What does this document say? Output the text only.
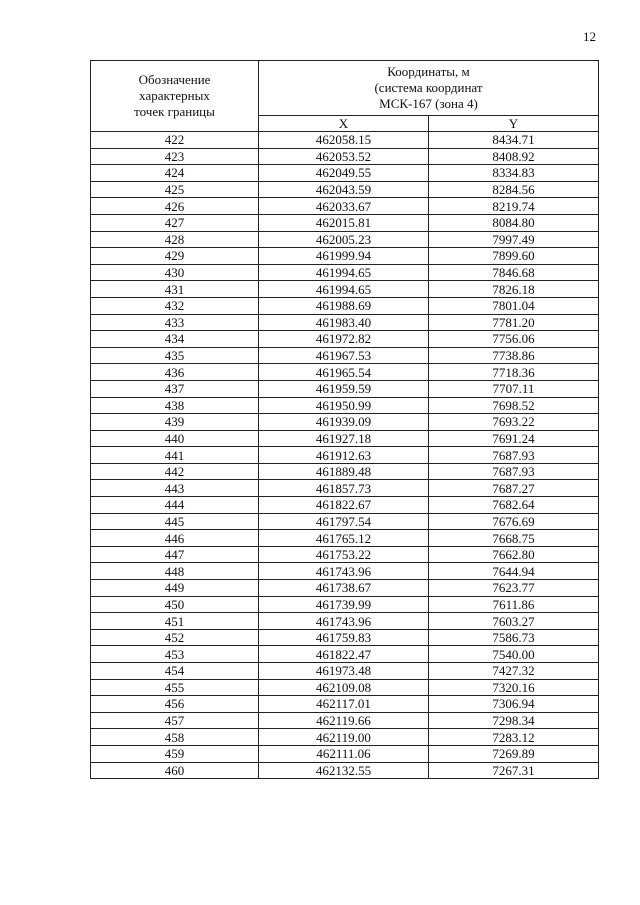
12
Обозначение
характерных
точек границы	Координаты, м
(система координат
МСК-167 (зона 4)	

	X	Y
422	462058.15	8434.71
423	462053.52	8408.92
424	462049.55	8334.83
425	462043.59	8284.56
426	462033.67	8219.74
427	462015.81	8084.80
428	462005.23	7997.49
429	461999.94	7899.60
430	461994.65	7846.68
431	461994.65	7826.18
432	461988.69	7801.04
433	461983.40	7781.20
434	461972.82	7756.06
435	461967.53	7738.86
436	461965.54	7718.36
437	461959.59	7707.11
438	461950.99	7698.52
439	461939.09	7693.22
440	461927.18	7691.24
441	461912.63	7687.93
442	461889.48	7687.93
443	461857.73	7687.27
444	461822.67	7682.64
445	461797.54	7676.69
446	461765.12	7668.75
447	461753.22	7662.80
448	461743.96	7644.94
449	461738.67	7623.77
450	461739.99	7611.86
451	461743.96	7603.27
452	461759.83	7586.73
453	461822.47	7540.00
454	461973.48	7427.32
455	462109.08	7320.16
456	462117.01	7306.94
457	462119.66	7298.34
458	462119.00	7283.12
459	462111.06	7269.89
460	462132.55	7267.31
